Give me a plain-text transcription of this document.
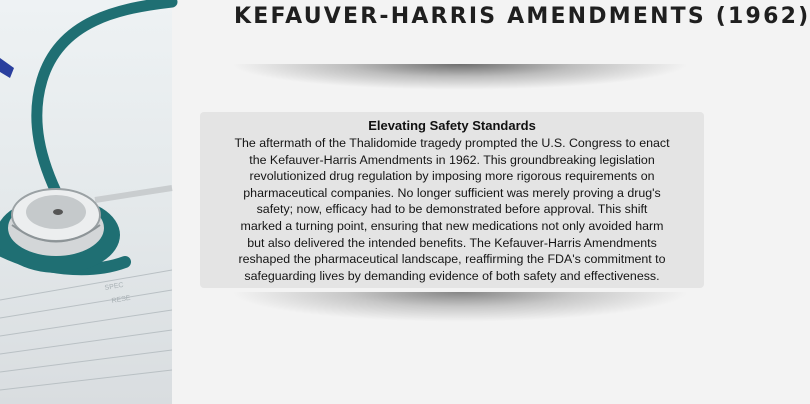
SPEC
RESE
KEFAUVER-HARRIS AMENDMENTS (1962)
Elevating Safety Standards
The aftermath of the Thalidomide tragedy prompted the U.S. Congress to enact
the Kefauver-Harris Amendments in 1962. This groundbreaking legislation
revolutionized drug regulation by imposing more rigorous requirements on
pharmaceutical companies. No longer sufficient was merely proving a drug's
safety; now, efficacy had to be demonstrated before approval. This shift
marked a turning point, ensuring that new medications not only avoided harm
but also delivered the intended benefits. The Kefauver-Harris Amendments
reshaped the pharmaceutical landscape, reaffirming the FDA's commitment to
safeguarding lives by demanding evidence of both safety and effectiveness.
